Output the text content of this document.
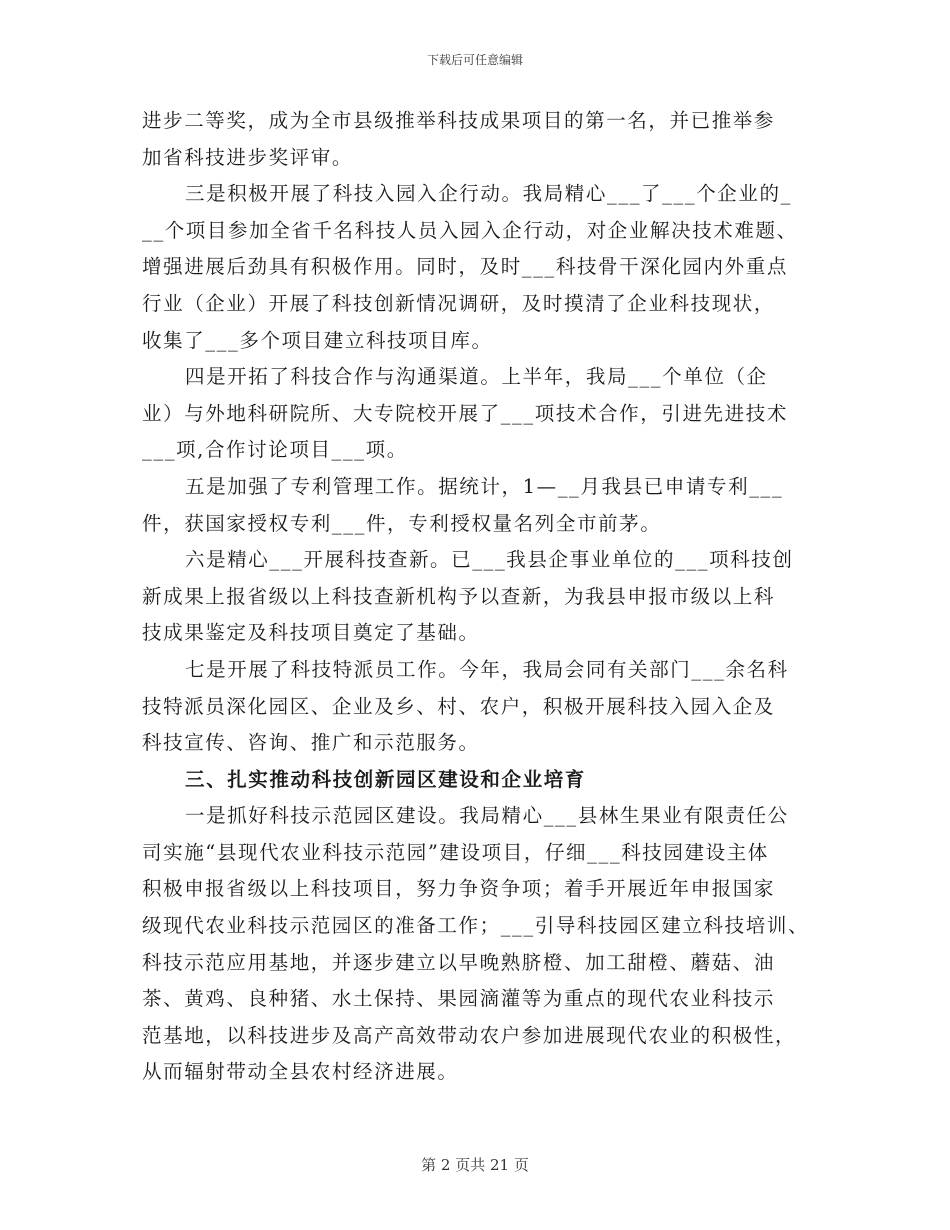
下载后可任意编辑
进步二等奖，成为全市县级推举科技成果项目的第一名，并已推举参
加省科技进步奖评审。
三是积极开展了科技入园入企行动。我局精心___了___个企业的_
__个项目参加全省千名科技人员入园入企行动，对企业解决技术难题、
增强进展后劲具有积极作用。同时，及时___科技骨干深化园内外重点
行业（企业）开展了科技创新情况调研，及时摸清了企业科技现状，
收集了___多个项目建立科技项目库。
四是开拓了科技合作与沟通渠道。上半年，我局___个单位（企
业）与外地科研院所、大专院校开展了___项技术合作，引进先进技术
___项,合作讨论项目___项。
五是加强了专利管理工作。据统计，1—__月我县已申请专利___
件，获国家授权专利___件，专利授权量名列全市前茅。
六是精心___开展科技查新。已___我县企事业单位的___项科技创
新成果上报省级以上科技查新机构予以查新，为我县申报市级以上科
技成果鉴定及科技项目奠定了基础。
七是开展了科技特派员工作。今年，我局会同有关部门___余名科
技特派员深化园区、企业及乡、村、农户，积极开展科技入园入企及
科技宣传、咨询、推广和示范服务。
三、扎实推动科技创新园区建设和企业培育
一是抓好科技示范园区建设。我局精心___县林生果业有限责任公
司实施“县现代农业科技示范园”建设项目，仔细___科技园建设主体
积极申报省级以上科技项目，努力争资争项；着手开展近年申报国家
级现代农业科技示范园区的准备工作；___引导科技园区建立科技培训、
科技示范应用基地，并逐步建立以早晚熟脐橙、加工甜橙、蘑菇、油
茶、黄鸡、良种猪、水土保持、果园滴灌等为重点的现代农业科技示
范基地，以科技进步及高产高效带动农户参加进展现代农业的积极性，
从而辐射带动全县农村经济进展。
第 2 页共 21 页
